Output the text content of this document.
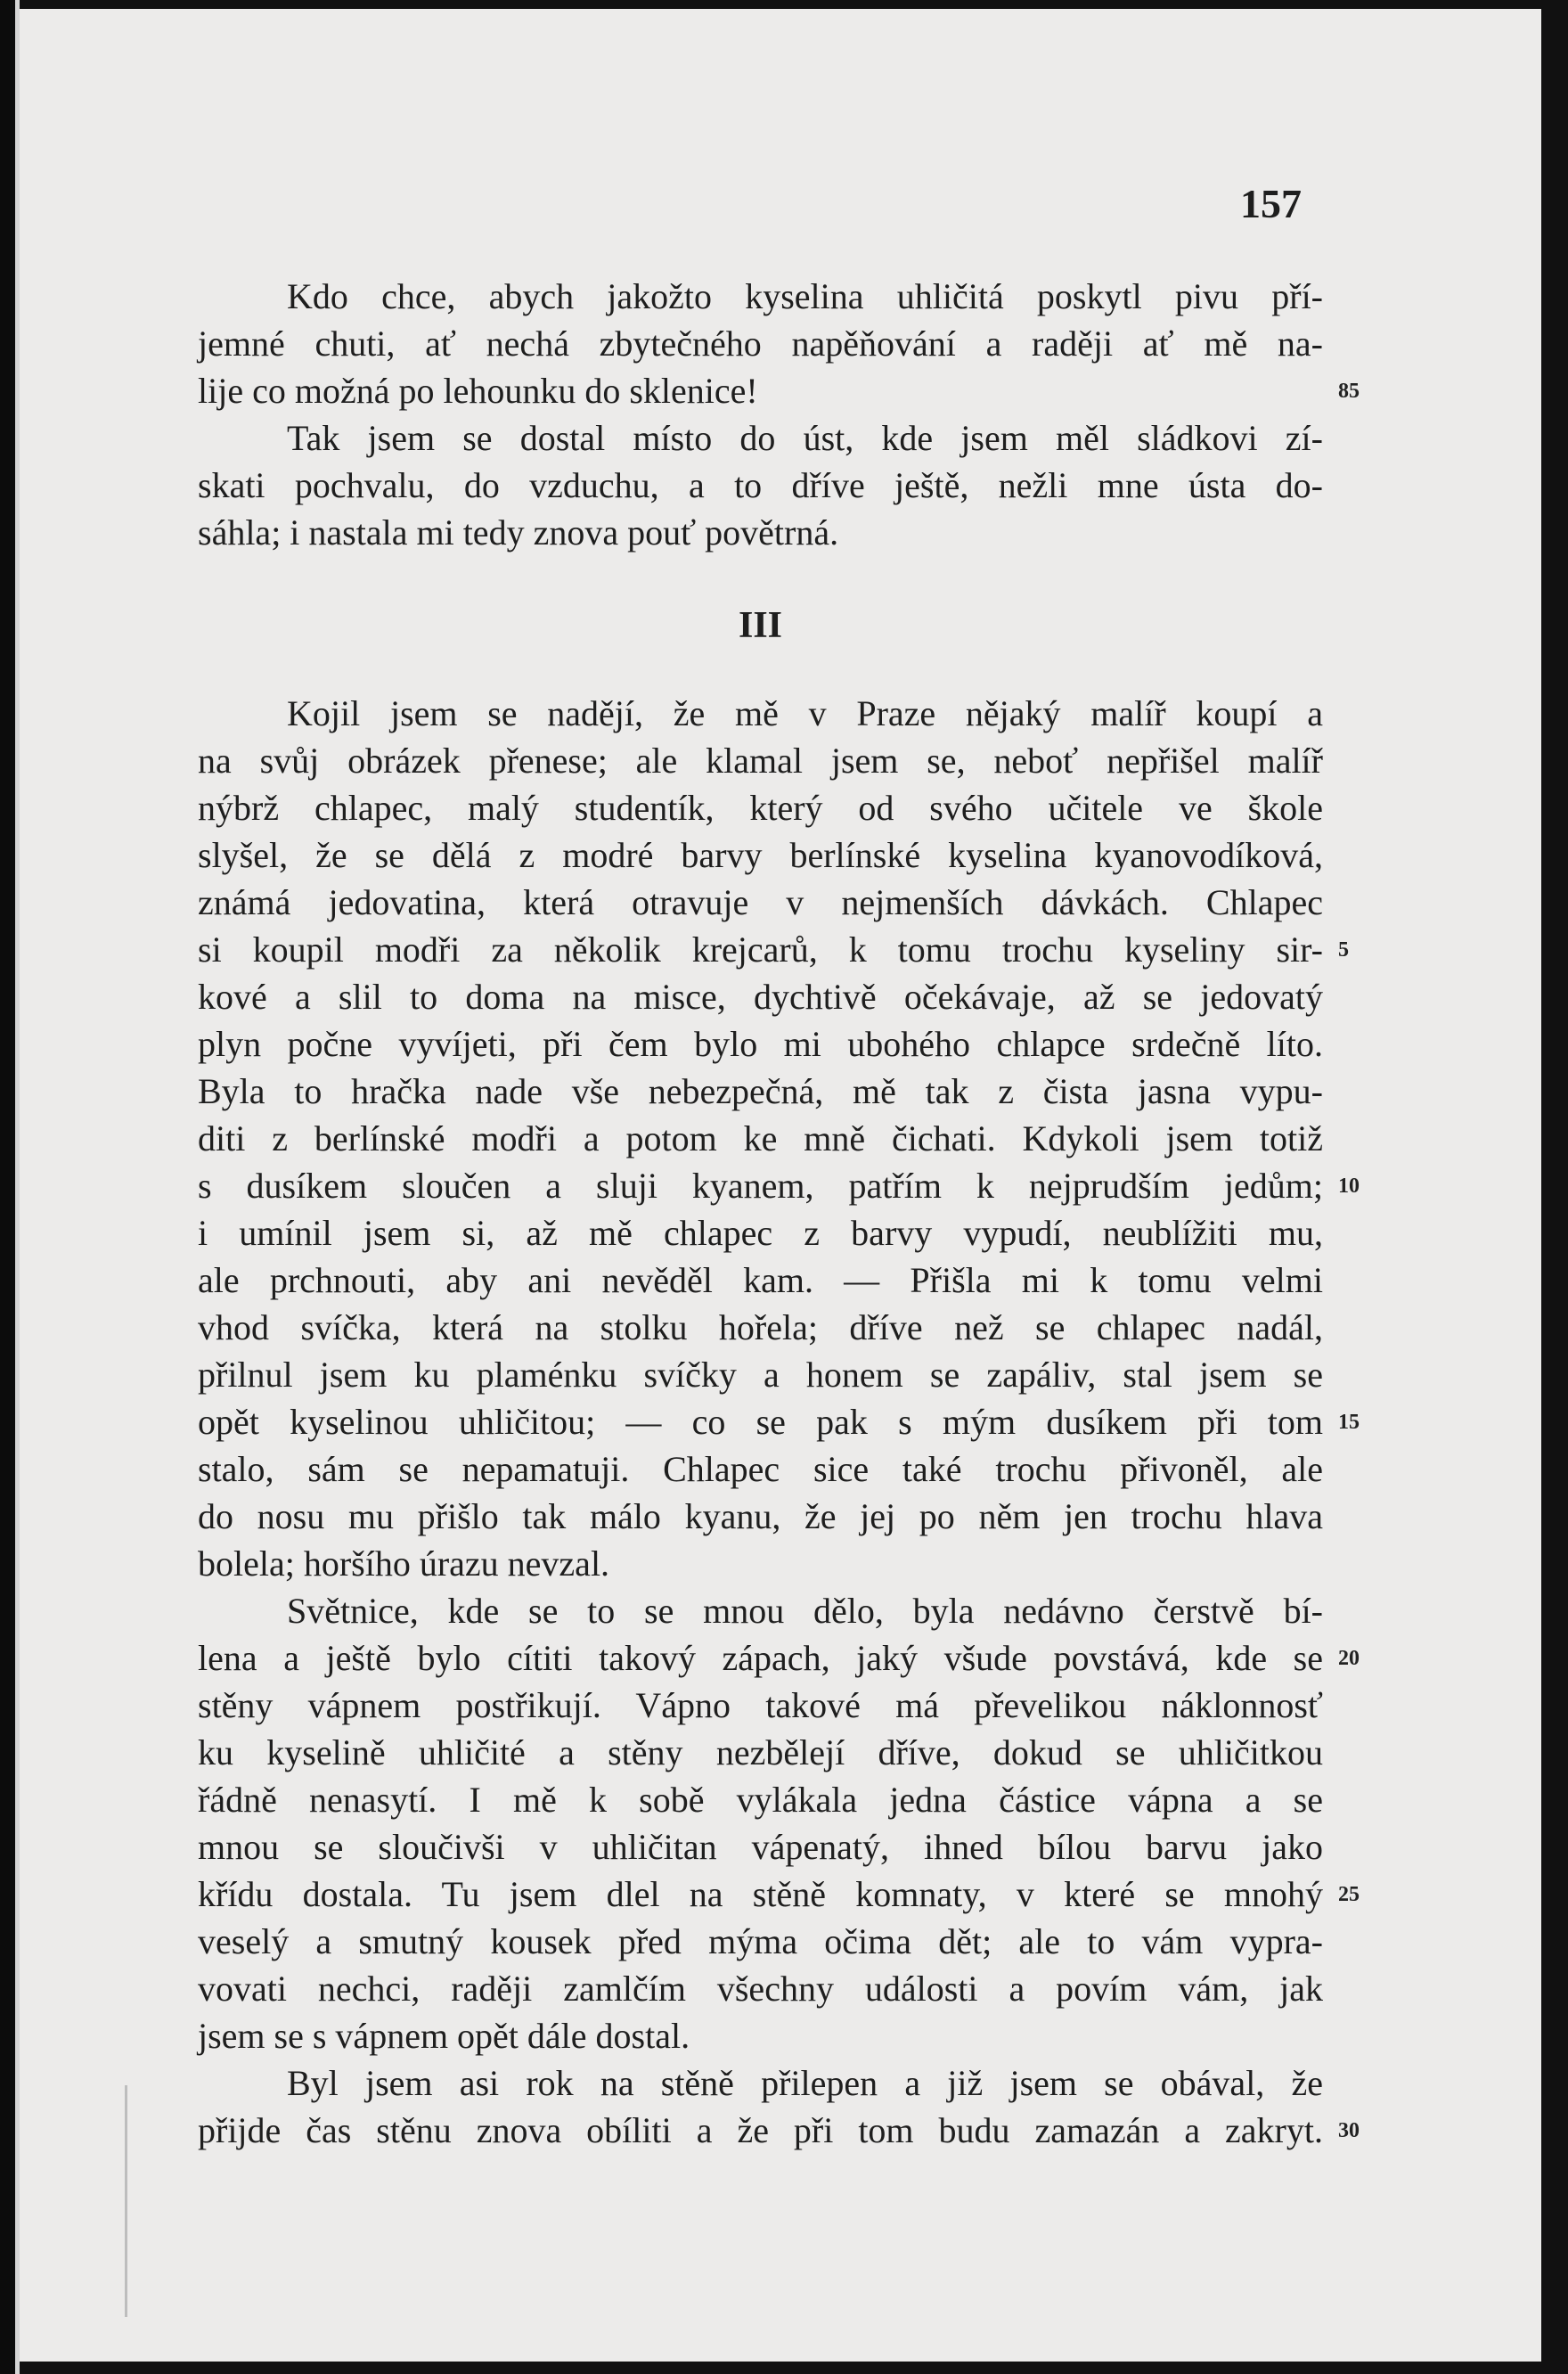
157
Kdo chce, abych jakožto kyselina uhličitá poskytl pivu pří-
jemné chuti, ať nechá zbytečného napěňování a raději ať mě na-
lije co možná po lehounku do sklenice!
Tak jsem se dostal místo do úst, kde jsem měl sládkovi zí-
skati pochvalu, do vzduchu, a to dříve ještě, nežli mne ústa do-
sáhla; i nastala mi tedy znova pouť povětrná.
III
Kojil jsem se nadějí, že mě v Praze nějaký malíř koupí a
na svůj obrázek přenese; ale klamal jsem se, neboť nepřišel malíř
nýbrž chlapec, malý studentík, který od svého učitele ve škole
slyšel, že se dělá z modré barvy berlínské kyselina kyanovodíková,
známá jedovatina, která otravuje v nejmenších dávkách. Chlapec
si koupil modři za několik krejcarů, k tomu trochu kyseliny sir-
kové a slil to doma na misce, dychtivě očekávaje, až se jedovatý
plyn počne vyvíjeti, při čem bylo mi ubohého chlapce srdečně líto.
Byla to hračka nade vše nebezpečná, mě tak z čista jasna vypu-
diti z berlínské modři a potom ke mně čichati. Kdykoli jsem totiž
s dusíkem sloučen a sluji kyanem, patřím k nejprudším jedům;
i umínil jsem si, až mě chlapec z barvy vypudí, neublížiti mu,
ale prchnouti, aby ani nevěděl kam. — Přišla mi k tomu velmi
vhod svíčka, která na stolku hořela; dříve než se chlapec nadál,
přilnul jsem ku plaménku svíčky a honem se zapáliv, stal jsem se
opět kyselinou uhličitou; — co se pak s mým dusíkem při tom
stalo, sám se nepamatuji. Chlapec sice také trochu přivoněl, ale
do nosu mu přišlo tak málo kyanu, že jej po něm jen trochu hlava
bolela; horšího úrazu nevzal.
Světnice, kde se to se mnou dělo, byla nedávno čerstvě bí-
lena a ještě bylo cítiti takový zápach, jaký všude povstává, kde se
stěny vápnem postřikují. Vápno takové má převelikou náklonnosť
ku kyselině uhličité a stěny nezbělejí dříve, dokud se uhličitkou
řádně nenasytí. I mě k sobě vylákala jedna částice vápna a se
mnou se sloučivši v uhličitan vápenatý, ihned bílou barvu jako
křídu dostala. Tu jsem dlel na stěně komnaty, v které se mnohý
veselý a smutný kousek před mýma očima dět; ale to vám vypra-
vovati nechci, raději zamlčím všechny události a povím vám, jak
jsem se s vápnem opět dále dostal.
Byl jsem asi rok na stěně přilepen a již jsem se obával, že
přijde čas stěnu znova obíliti a že při tom budu zamazán a zakryt.
85
5
10
15
20
25
30
